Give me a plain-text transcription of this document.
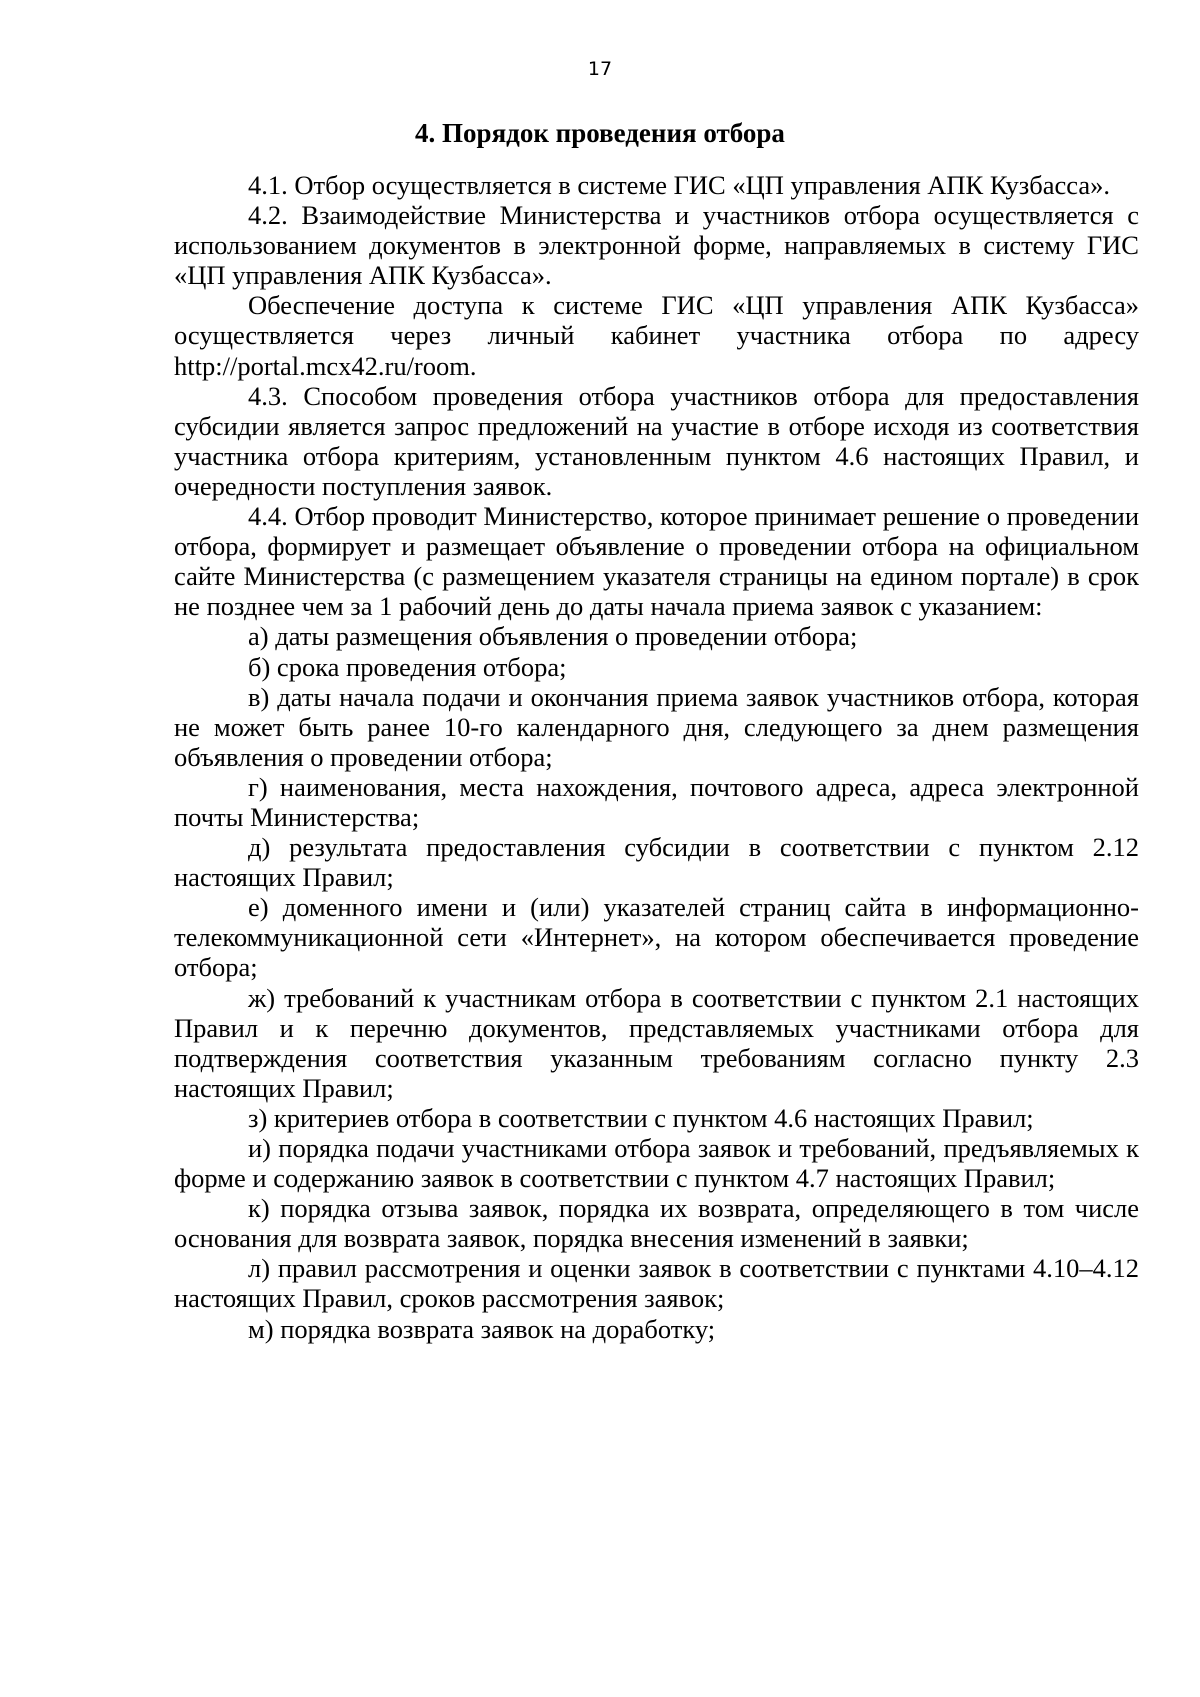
17
4. Порядок проведения отбора

4.1. Отбор осуществляется в системе ГИС «ЦП управления АПК Кузбасса».

4.2. Взаимодействие Министерства и участников отбора осуществляется с использованием документов в электронной форме, направляемых в систему ГИС «ЦП управления АПК Кузбасса».

Обеспечение доступа к системе ГИС «ЦП управления АПК Кузбасса» осуществляется через личный кабинет участника отбора по адресу http://portal.mcx42.ru/room.

4.3. Способом проведения отбора участников отбора для предоставления субсидии является запрос предложений на участие в отборе исходя из соответствия участника отбора критериям, установленным пунктом 4.6 настоящих Правил, и очередности поступления заявок.

4.4. Отбор проводит Министерство, которое принимает решение о проведении отбора, формирует и размещает объявление о проведении отбора на официальном сайте Министерства (с размещением указателя страницы на едином портале) в срок не позднее чем за 1 рабочий день до даты начала приема заявок с указанием:

а) даты размещения объявления о проведении отбора;

б) срока проведения отбора;

в) даты начала подачи и окончания приема заявок участников отбора, которая не может быть ранее 10-го календарного дня, следующего за днем размещения объявления о проведении отбора;

г) наименования, места нахождения, почтового адреса, адреса электронной почты Министерства;

д) результата предоставления субсидии в соответствии с пунктом 2.12 настоящих Правил;

е) доменного имени и (или) указателей страниц сайта в информационно-телекоммуникационной сети «Интернет», на котором обеспечивается проведение отбора;

ж) требований к участникам отбора в соответствии с пунктом 2.1 настоящих Правил и к перечню документов, представляемых участниками отбора для подтверждения соответствия указанным требованиям согласно пункту 2.3 настоящих Правил;

з) критериев отбора в соответствии с пунктом 4.6 настоящих Правил;

и) порядка подачи участниками отбора заявок и требований, предъявляемых к форме и содержанию заявок в соответствии с пунктом 4.7 настоящих Правил;

к) порядка отзыва заявок, порядка их возврата, определяющего в том числе основания для возврата заявок, порядка внесения изменений в заявки;

л) правил рассмотрения и оценки заявок в соответствии с пунктами 4.10–4.12 настоящих Правил, сроков рассмотрения заявок;

м) порядка возврата заявок на доработку;
